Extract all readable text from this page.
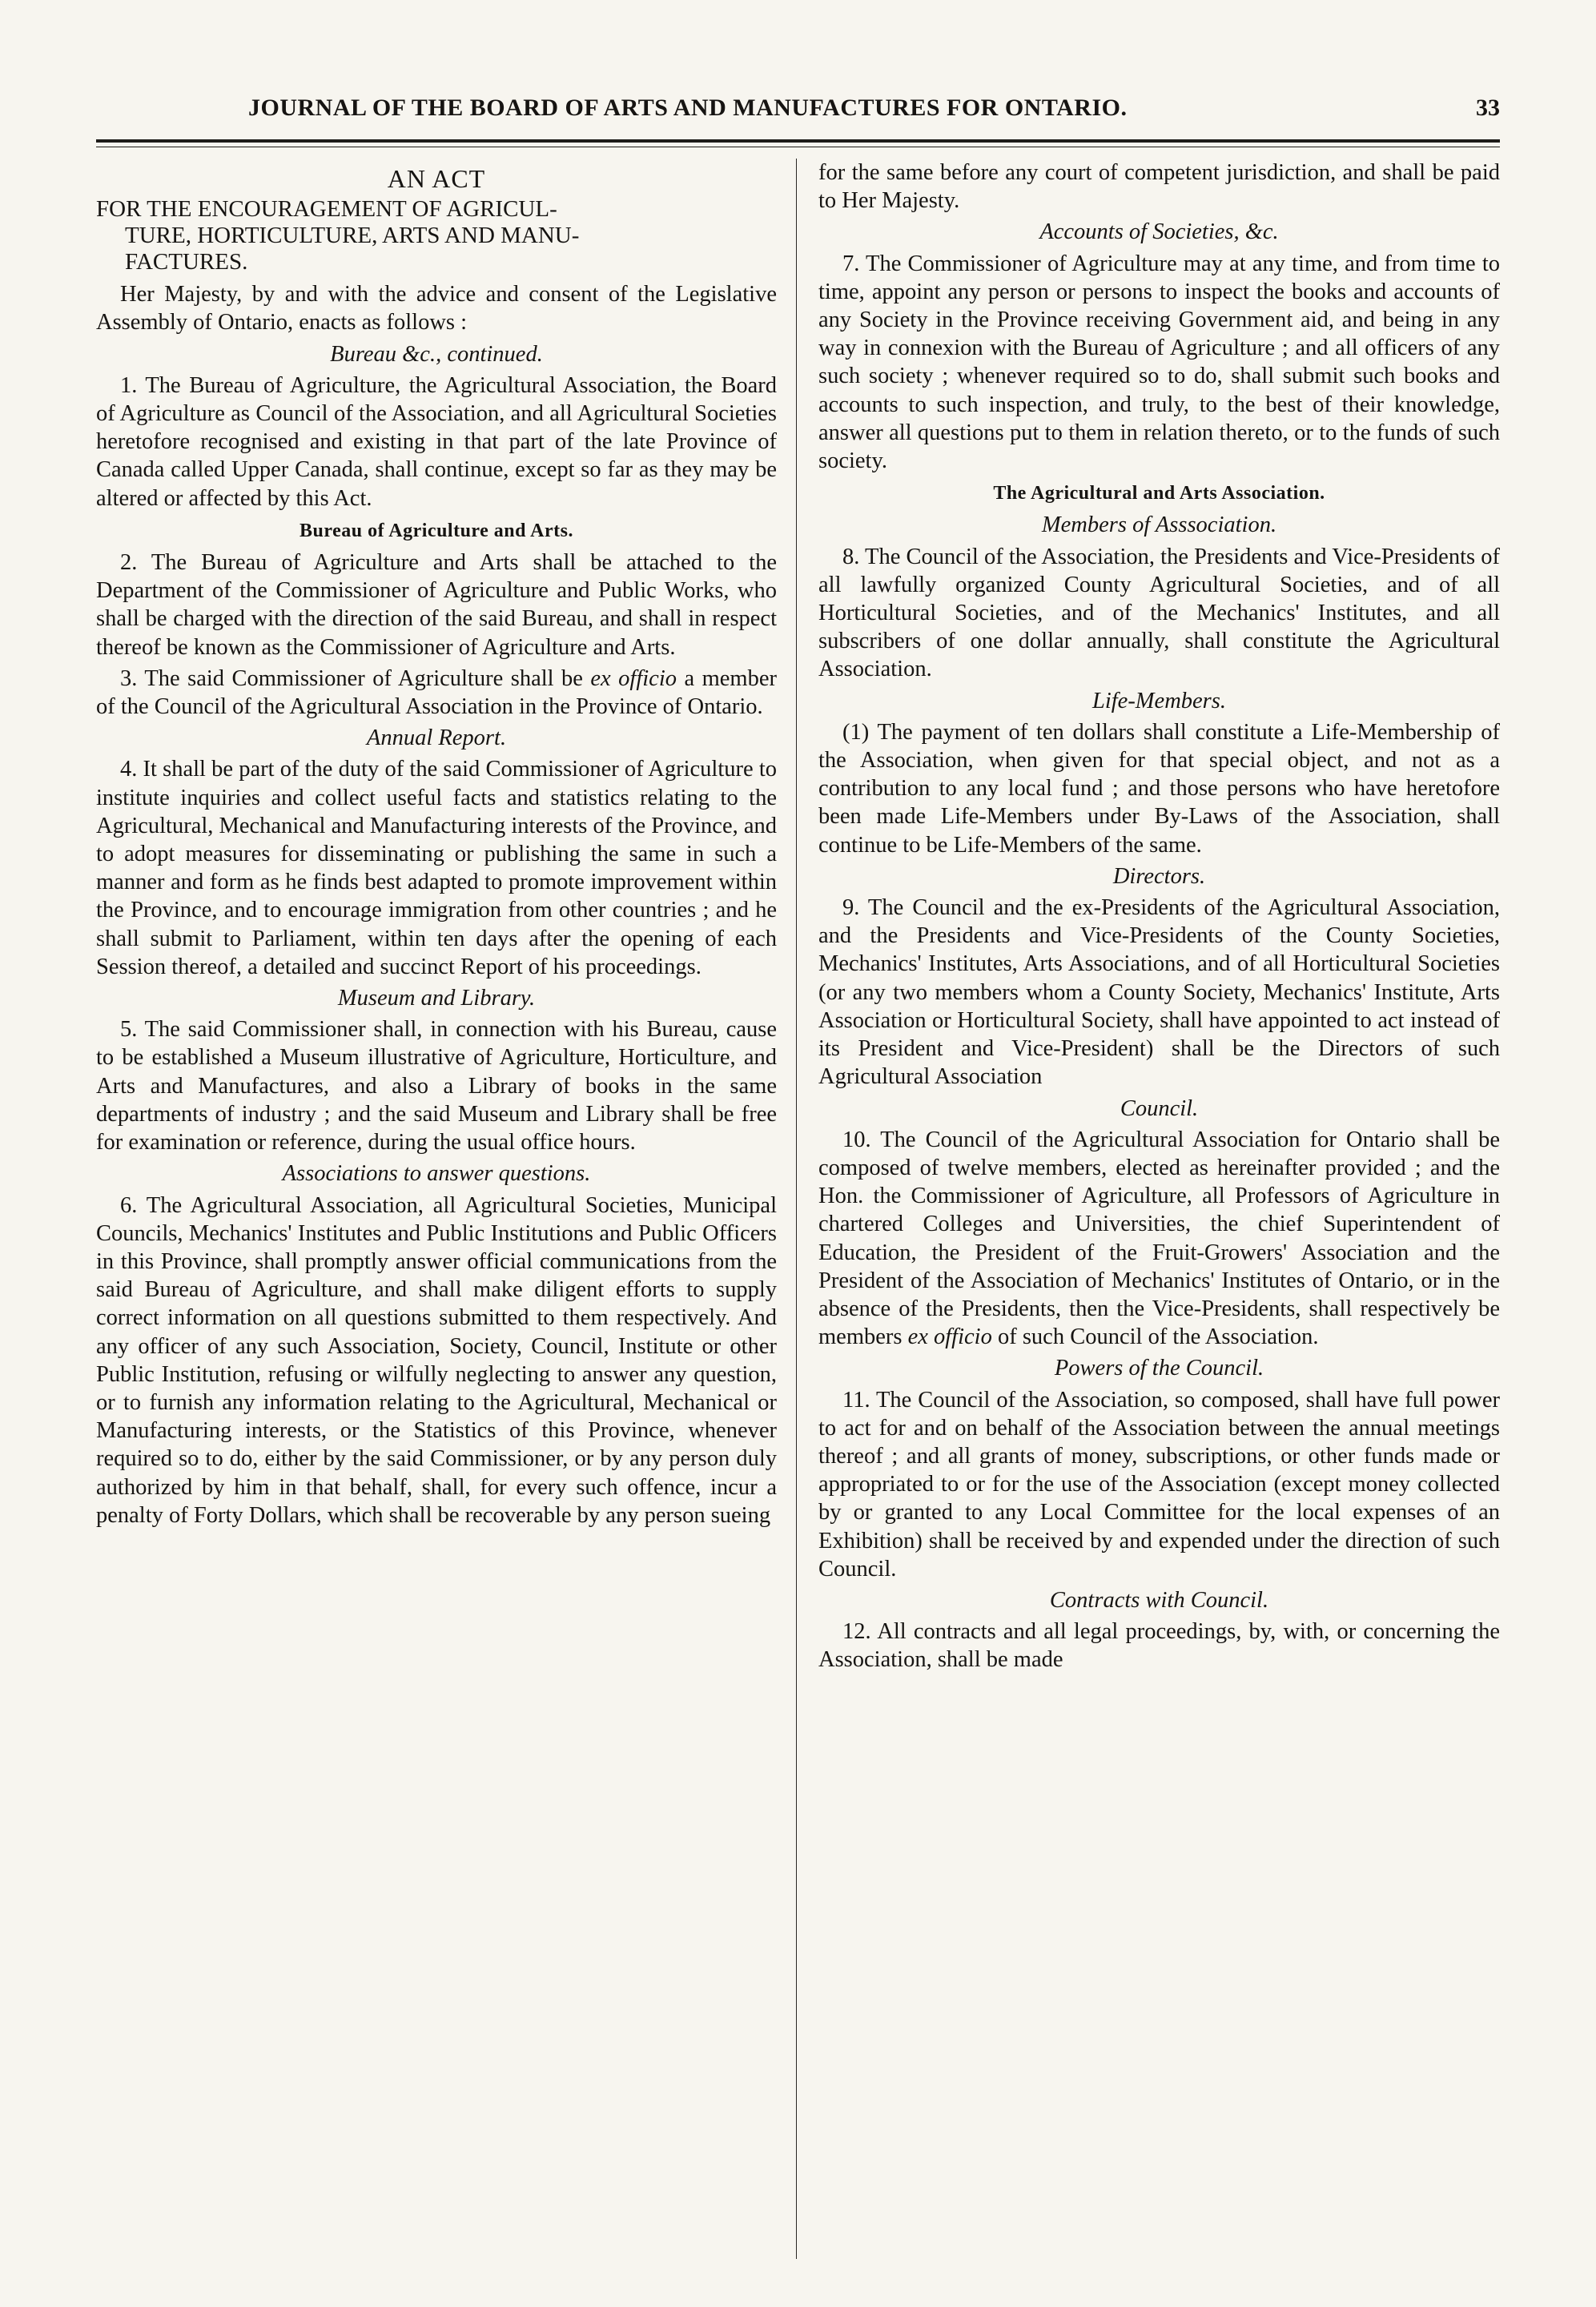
JOURNAL OF THE BOARD OF ARTS AND MANUFACTURES FOR ONTARIO.	33
AN ACT
FOR THE ENCOURAGEMENT OF AGRICUL-
TURE, HORTICULTURE, ARTS AND MANU-
FACTURES.

Her Majesty, by and with the advice and consent of the Legislative Assembly of Ontario, enacts as follows :

Bureau &c., continued.

1. The Bureau of Agriculture, the Agricultural Association, the Board of Agriculture as Council of the Association, and all Agricultural Societies heretofore recognised and existing in that part of the late Province of Canada called Upper Canada, shall continue, except so far as they may be altered or affected by this Act.

Bureau of Agriculture and Arts.

2. The Bureau of Agriculture and Arts shall be attached to the Department of the Commissioner of Agriculture and Public Works, who shall be charged with the direction of the said Bureau, and shall in respect thereof be known as the Commissioner of Agriculture and Arts.

3. The said Commissioner of Agriculture shall be ex officio a member of the Council of the Agricultural Association in the Province of Ontario.

Annual Report.

4. It shall be part of the duty of the said Commissioner of Agriculture to institute inquiries and collect useful facts and statistics relating to the Agricultural, Mechanical and Manufacturing interests of the Province, and to adopt measures for disseminating or publishing the same in such a manner and form as he finds best adapted to promote improvement within the Province, and to encourage immigration from other countries ; and he shall submit to Parliament, within ten days after the opening of each Session thereof, a detailed and succinct Report of his proceedings.

Museum and Library.

5. The said Commissioner shall, in connection with his Bureau, cause to be established a Museum illustrative of Agriculture, Horticulture, and Arts and Manufactures, and also a Library of books in the same departments of industry ; and the said Museum and Library shall be free for examination or reference, during the usual office hours.

Associations to answer questions.

6. The Agricultural Association, all Agricultural Societies, Municipal Councils, Mechanics' Institutes and Public Institutions and Public Officers in this Province, shall promptly answer official communications from the said Bureau of Agriculture, and shall make diligent efforts to supply correct information on all questions submitted to them respectively. And any officer of any such Association, Society, Council, Institute or other Public Institution, refusing or wilfully neglecting to answer any question, or to furnish any information relating to the Agricultural, Mechanical or Manufacturing interests, or the Statistics of this Province, whenever required so to do, either by the said Commissioner, or by any person duly authorized by him in that behalf, shall, for every such offence, incur a penalty of Forty Dollars, which shall be recoverable by any person sueing

for the same before any court of competent jurisdiction, and shall be paid to Her Majesty.

Accounts of Societies, &c.

7. The Commissioner of Agriculture may at any time, and from time to time, appoint any person or persons to inspect the books and accounts of any Society in the Province receiving Government aid, and being in any way in connexion with the Bureau of Agriculture ; and all officers of any such society ; whenever required so to do, shall submit such books and accounts to such inspection, and truly, to the best of their knowledge, answer all questions put to them in relation thereto, or to the funds of such society.

The Agricultural and Arts Association.
Members of Asssociation.

8. The Council of the Association, the Presidents and Vice-Presidents of all lawfully organized County Agricultural Societies, and of all Horticultural Societies, and of the Mechanics' Institutes, and all subscribers of one dollar annually, shall constitute the Agricultural Association.

Life-Members.

(1) The payment of ten dollars shall constitute a Life-Membership of the Association, when given for that special object, and not as a contribution to any local fund ; and those persons who have heretofore been made Life-Members under By-Laws of the Association, shall continue to be Life-Members of the same.

Directors.

9. The Council and the ex-Presidents of the Agricultural Association, and the Presidents and Vice-Presidents of the County Societies, Mechanics' Institutes, Arts Associations, and of all Horticultural Societies (or any two members whom a County Society, Mechanics' Institute, Arts Association or Horticultural Society, shall have appointed to act instead of its President and Vice-President) shall be the Directors of such Agricultural Association

Council.

10. The Council of the Agricultural Association for Ontario shall be composed of twelve members, elected as hereinafter provided ; and the Hon. the Commissioner of Agriculture, all Professors of Agriculture in chartered Colleges and Universities, the chief Superintendent of Education, the President of the Fruit-Growers' Association and the President of the Association of Mechanics' Institutes of Ontario, or in the absence of the Presidents, then the Vice-Presidents, shall respectively be members ex officio of such Council of the Association.

Powers of the Council.

11. The Council of the Association, so composed, shall have full power to act for and on behalf of the Association between the annual meetings thereof ; and all grants of money, subscriptions, or other funds made or appropriated to or for the use of the Association (except money collected by or granted to any Local Committee for the local expenses of an Exhibition) shall be received by and expended under the direction of such Council.

Contracts with Council.

12. All contracts and all legal proceedings, by, with, or concerning the Association, shall be made
